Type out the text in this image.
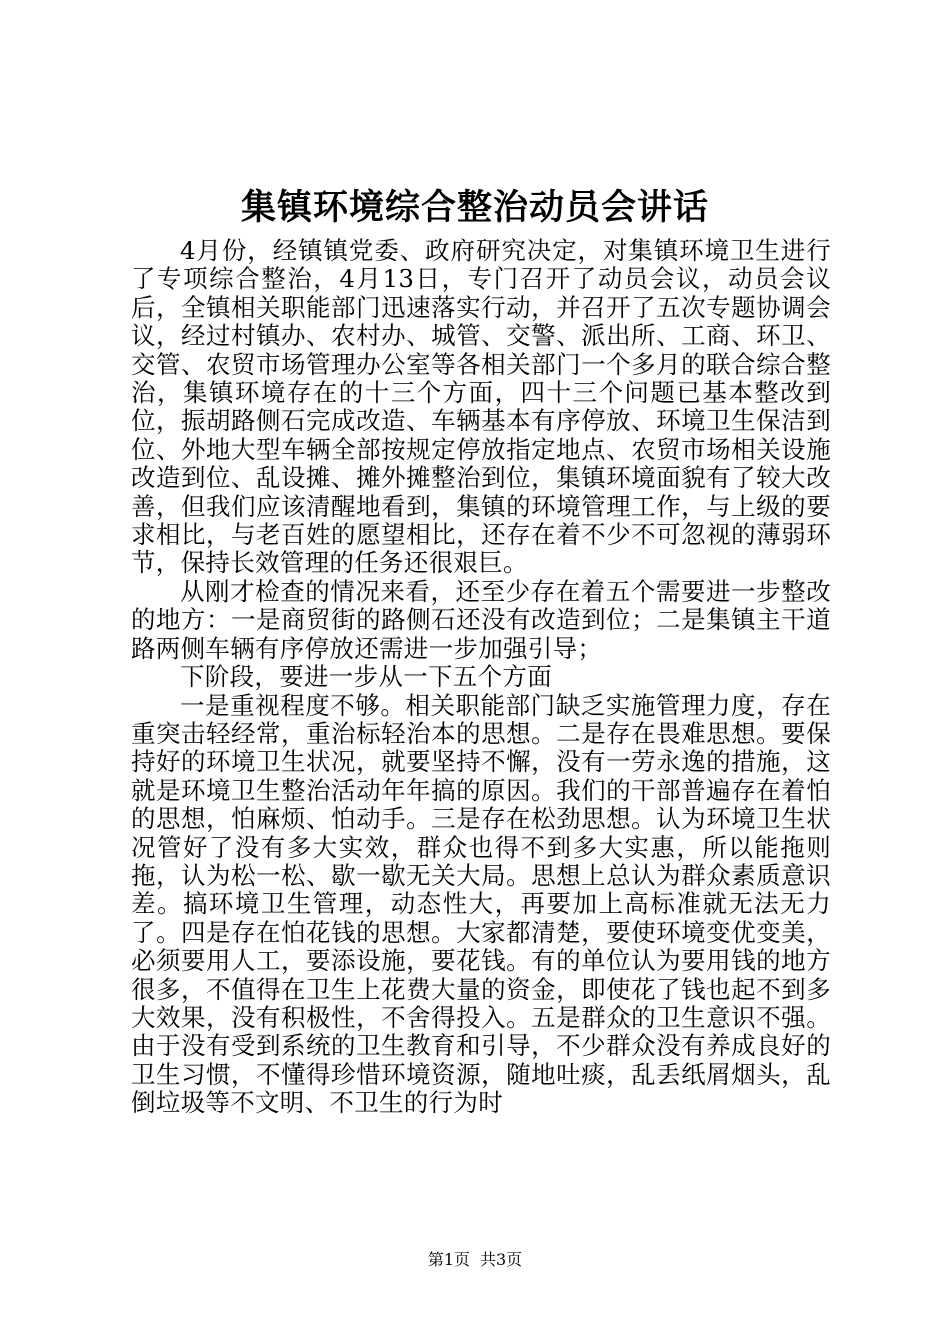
集镇环境综合整治动员会讲话

4月份，经镇镇党委、政府研究决定，对集镇环境卫生进行了专项综合整治，4月13日，专门召开了动员会议，动员会议后，全镇相关职能部门迅速落实行动，并召开了五次专题协调会议，经过村镇办、农村办、城管、交警、派出所、工商、环卫、交管、农贸市场管理办公室等各相关部门一个多月的联合综合整治，集镇环境存在的十三个方面，四十三个问题已基本整改到位，振胡路侧石完成改造、车辆基本有序停放、环境卫生保洁到位、外地大型车辆全部按规定停放指定地点、农贸市场相关设施改造到位、乱设摊、摊外摊整治到位，集镇环境面貌有了较大改善，但我们应该清醒地看到，集镇的环境管理工作，与上级的要求相比，与老百姓的愿望相比，还存在着不少不可忽视的薄弱环节，保持长效管理的任务还很艰巨。

从刚才检查的情况来看，还至少存在着五个需要进一步整改的地方：一是商贸街的路侧石还没有改造到位；二是集镇主干道路两侧车辆有序停放还需进一步加强引导；

下阶段，要进一步从一下五个方面

一是重视程度不够。相关职能部门缺乏实施管理力度，存在重突击轻经常，重治标轻治本的思想。二是存在畏难思想。要保持好的环境卫生状况，就要坚持不懈，没有一劳永逸的措施，这就是环境卫生整治活动年年搞的原因。我们的干部普遍存在着怕的思想，怕麻烦、怕动手。三是存在松劲思想。认为环境卫生状况管好了没有多大实效，群众也得不到多大实惠，所以能拖则拖，认为松一松、歇一歇无关大局。思想上总认为群众素质意识差。搞环境卫生管理，动态性大，再要加上高标准就无法无力了。四是存在怕花钱的思想。大家都清楚，要使环境变优变美，必须要用人工，要添设施，要花钱。有的单位认为要用钱的地方很多，不值得在卫生上花费大量的资金，即使花了钱也起不到多大效果，没有积极性，不舍得投入。五是群众的卫生意识不强。由于没有受到系统的卫生教育和引导，不少群众没有养成良好的卫生习惯，不懂得珍惜环境资源，随地吐痰，乱丢纸屑烟头，乱倒垃圾等不文明、不卫生的行为时

第1页 共3页
